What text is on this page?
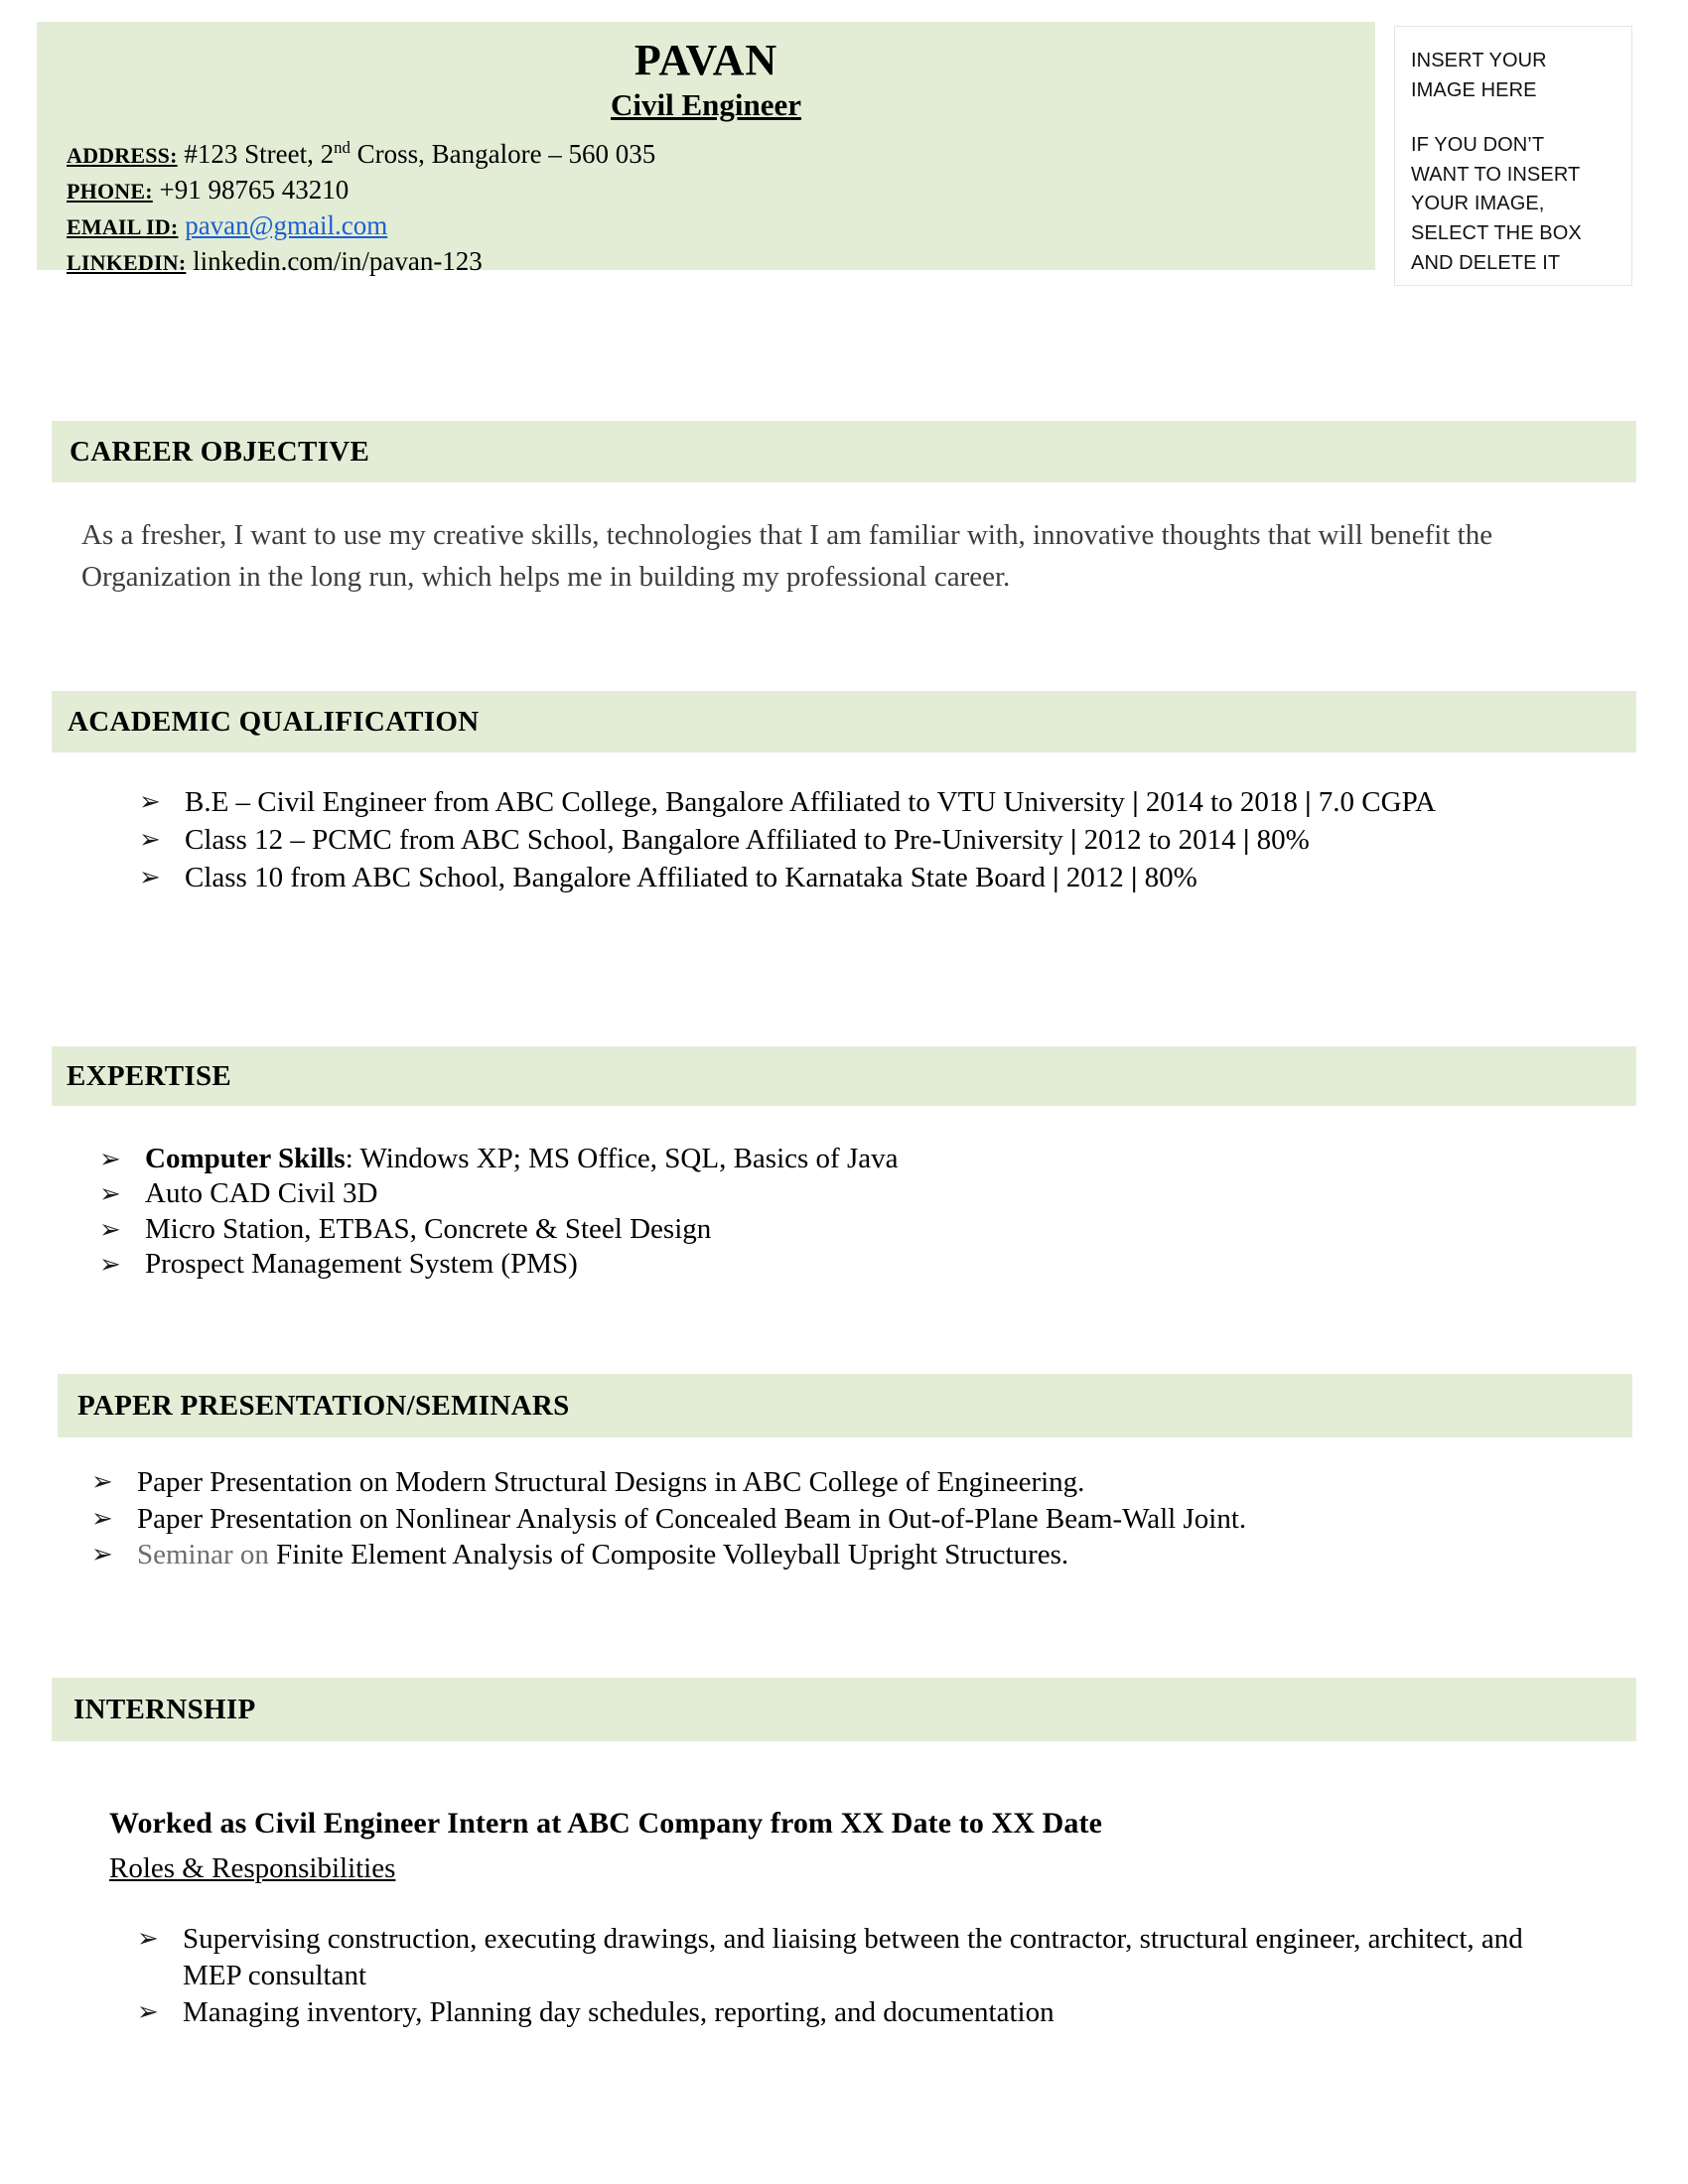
PAVAN
Civil Engineer

ADDRESS: #123 Street, 2nd Cross, Bangalore – 560 035

PHONE: +91 98765 43210

EMAIL ID: pavan@gmail.com

LINKEDIN: linkedin.com/in/pavan-123

INSERT YOUR

IMAGE HERE

IF YOU DON’T

WANT TO INSERT

YOUR IMAGE,

SELECT THE BOX

AND DELETE IT

CAREER OBJECTIVE
As a fresher, I want to use my creative skills, technologies that I am familiar with, innovative thoughts that will benefit the Organization in the long run, which helps me in building my professional career.
ACADEMIC QUALIFICATION
➢ B.E – Civil Engineer from ABC College, Bangalore Affiliated to VTU University | 2014 to 2018 | 7.0 CGPA
➢ Class 12 – PCMC from ABC School, Bangalore Affiliated to Pre-University | 2012 to 2014 | 80%
➢ Class 10 from ABC School, Bangalore Affiliated to Karnataka State Board | 2012 | 80%
EXPERTISE
➢ Computer Skills: Windows XP; MS Office, SQL, Basics of Java
➢ Auto CAD Civil 3D
➢ Micro Station, ETBAS, Concrete & Steel Design
➢ Prospect Management System (PMS)
PAPER PRESENTATION/SEMINARS
➢ Paper Presentation on Modern Structural Designs in ABC College of Engineering.
➢ Paper Presentation on Nonlinear Analysis of Concealed Beam in Out-of-Plane Beam-Wall Joint.
➢ Seminar on Finite Element Analysis of Composite Volleyball Upright Structures.
INTERNSHIP
Worked as Civil Engineer Intern at ABC Company from XX Date to XX Date
Roles & Responsibilities
➢ Supervising construction, executing drawings, and liaising between the contractor, structural engineer, architect, and MEP consultant
➢ Managing inventory, Planning day schedules, reporting, and documentation
